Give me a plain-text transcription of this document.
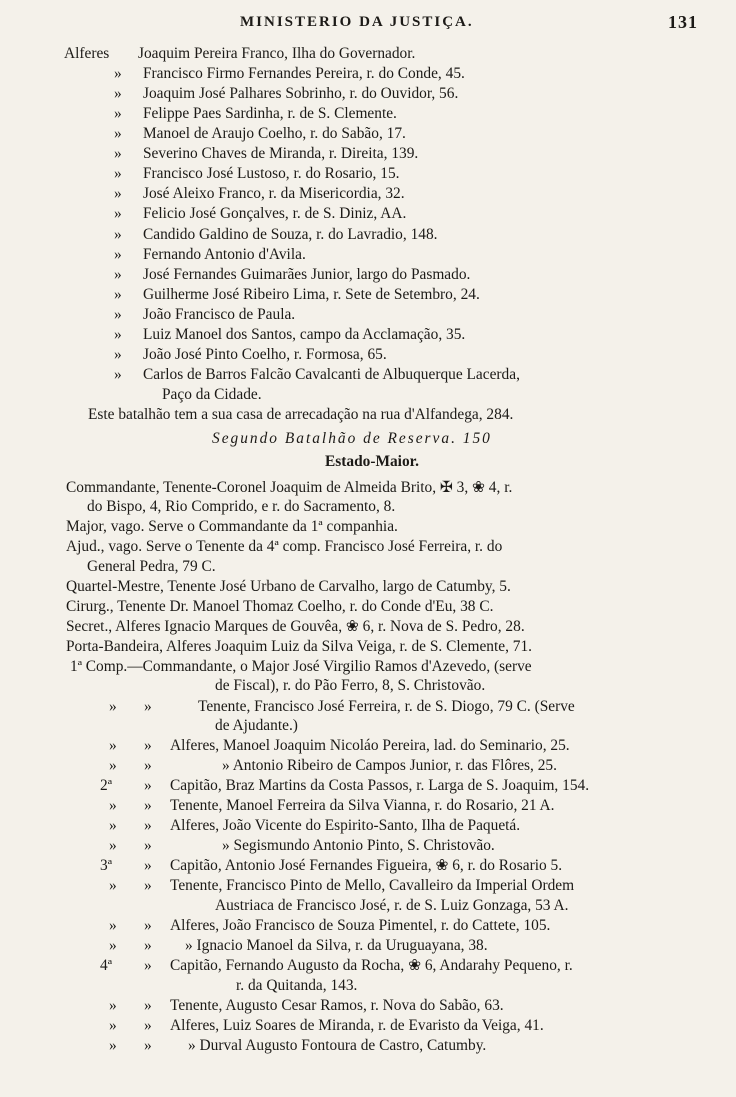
MINISTERIO DA JUSTIÇA.	131
Alferes Joaquim Pereira Franco, Ilha do Governador.
» Francisco Firmo Fernandes Pereira, r. do Conde, 45.
» Joaquim José Palhares Sobrinho, r. do Ouvidor, 56.
» Felippe Paes Sardinha, r. de S. Clemente.
» Manoel de Araujo Coelho, r. do Sabão, 17.
» Severino Chaves de Miranda, r. Direita, 139.
» Francisco José Lustoso, r. do Rosario, 15.
» José Aleixo Franco, r. da Misericordia, 32.
» Felicio José Gonçalves, r. de S. Diniz, AA.
» Candido Galdino de Souza, r. do Lavradio, 148.
» Fernando Antonio d'Avila.
» José Fernandes Guimarães Junior, largo do Pasmado.
» Guilherme José Ribeiro Lima, r. Sete de Setembro, 24.
» João Francisco de Paula.
» Luiz Manoel dos Santos, campo da Acclamação, 35.
» João José Pinto Coelho, r. Formosa, 65.
» Carlos de Barros Falcão Cavalcanti de Albuquerque Lacerda,
Paço da Cidade.
Este batalhão tem a sua casa de arrecadação na rua d'Alfandega, 284.
Segundo Batalhão de Reserva. 150
Estado-Maior.
Commandante, Tenente-Coronel Joaquim de Almeida Brito, ✠ 3, ❀ 4, r.
do Bispo, 4, Rio Comprido, e r. do Sacramento, 8.
Major, vago. Serve o Commandante da 1ª companhia.
Ajud., vago. Serve o Tenente da 4ª comp. Francisco José Ferreira, r. do
General Pedra, 79 C.
Quartel-Mestre, Tenente José Urbano de Carvalho, largo de Catumby, 5.
Cirurg., Tenente Dr. Manoel Thomaz Coelho, r. do Conde d'Eu, 38 C.
Secret., Alferes Ignacio Marques de Gouvêa, ❀ 6, r. Nova de S. Pedro, 28.
Porta-Bandeira, Alferes Joaquim Luiz da Silva Veiga, r. de S. Clemente, 71.
1ª Comp.—Commandante, o Major José Virgilio Ramos d'Azevedo, (serve
de Fiscal), r. do Pão Ferro, 8, S. Christovão.
» »	Tenente, Francisco José Ferreira, r. de S. Diogo, 79 C. (Serve
de Ajudante.)
» » Alferes, Manoel Joaquim Nicoláo Pereira, lad. do Seminario, 25.
» »	» Antonio Ribeiro de Campos Junior, r. das Flôres, 25.
2ª » Capitão, Braz Martins da Costa Passos, r. Larga de S. Joaquim, 154.
» » Tenente, Manoel Ferreira da Silva Vianna, r. do Rosario, 21 A.
» » Alferes, João Vicente do Espirito-Santo, Ilha de Paquetá.
» »	» Segismundo Antonio Pinto, S. Christovão.
3ª » Capitão, Antonio José Fernandes Figueira, ❀ 6, r. do Rosario 5.
» » Tenente, Francisco Pinto de Mello, Cavalleiro da Imperial Ordem
Austriaca de Francisco José, r. de S. Luiz Gonzaga, 53 A.
» » Alferes, João Francisco de Souza Pimentel, r. do Cattete, 105.
» » » Ignacio Manoel da Silva, r. da Uruguayana, 38.
4ª » Capitão, Fernando Augusto da Rocha, ❀ 6, Andarahy Pequeno, r.
r. da Quitanda, 143.
» » Tenente, Augusto Cesar Ramos, r. Nova do Sabão, 63.
» » Alferes, Luiz Soares de Miranda, r. de Evaristo da Veiga, 41.
» » » Durval Augusto Fontoura de Castro, Catumby.
